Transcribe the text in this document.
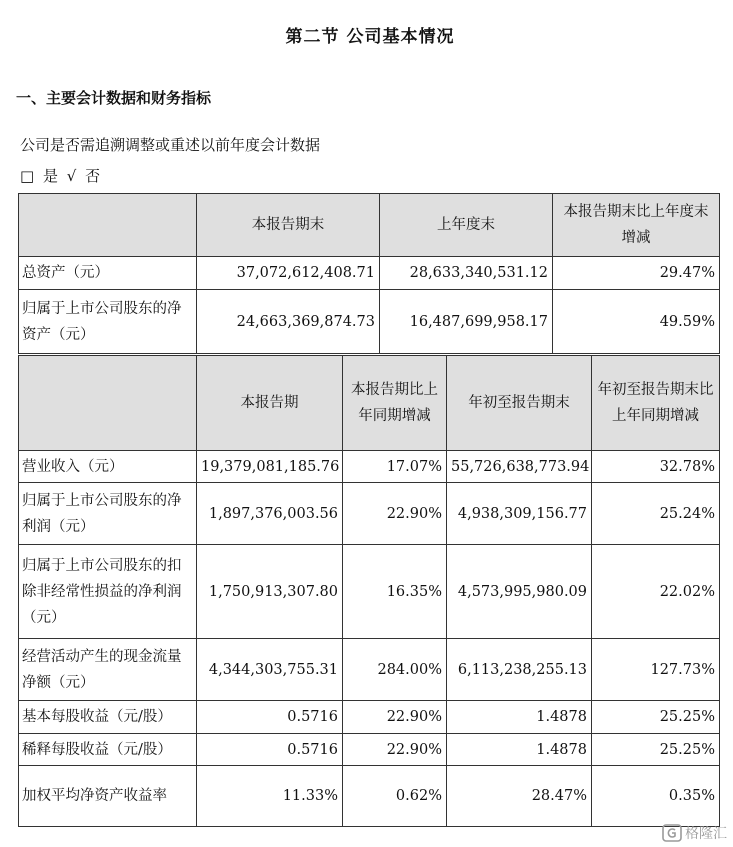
第二节 公司基本情况
一、主要会计数据和财务指标
公司是否需追溯调整或重述以前年度会计数据
□ 是 √ 否
	本报告期末	上年度末	本报告期末比上年度末增减
总资产（元）	37,072,612,408.71	28,633,340,531.12	29.47%
归属于上市公司股东的净资产（元）	24,663,369,874.73	16,487,699,958.17	49.59%
	本报告期	本报告期比上年同期增减	年初至报告期末	年初至报告期末比上年同期增减
营业收入（元）	19,379,081,185.76	17.07%	55,726,638,773.94	32.78%
归属于上市公司股东的净利润（元）	1,897,376,003.56	22.90%	4,938,309,156.77	25.24%
归属于上市公司股东的扣除非经常性损益的净利润（元）	1,750,913,307.80	16.35%	4,573,995,980.09	22.02%
经营活动产生的现金流量净额（元）	4,344,303,755.31	284.00%	6,113,238,255.13	127.73%
基本每股收益（元/股）	0.5716	22.90%	1.4878	25.25%
稀释每股收益（元/股）	0.5716	22.90%	1.4878	25.25%
加权平均净资产收益率	11.33%	0.62%	28.47%	0.35%
格隆汇
